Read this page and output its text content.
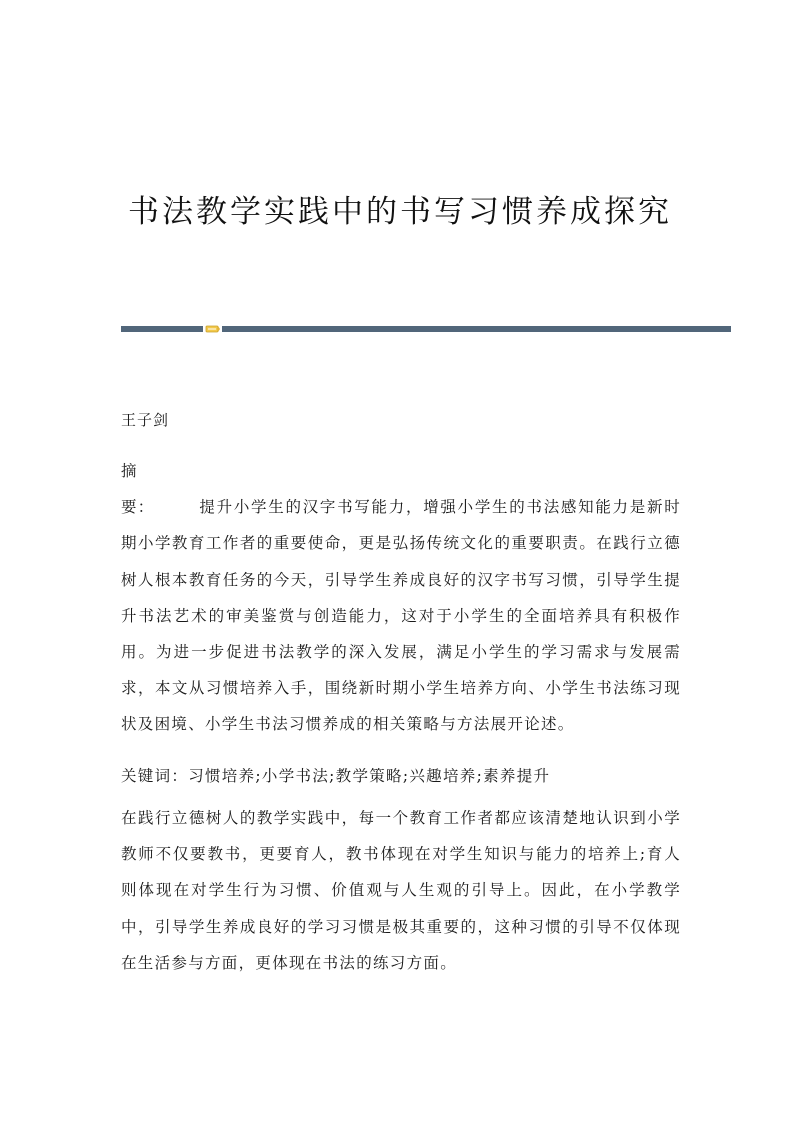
书法教学实践中的书写习惯养成探究

王子剑

摘要：	提升小学生的汉字书写能力，增强小学生的书法感知能力是新时期小学教育工作者的重要使命，更是弘扬传统文化的重要职责。在践行立德树人根本教育任务的今天，引导学生养成良好的汉字书写习惯，引导学生提升书法艺术的审美鉴赏与创造能力，这对于小学生的全面培养具有积极作用。为进一步促进书法教学的深入发展，满足小学生的学习需求与发展需求，本文从习惯培养入手，围绕新时期小学生培养方向、小学生书法练习现状及困境、小学生书法习惯养成的相关策略与方法展开论述。

关键词：习惯培养;小学书法;教学策略;兴趣培养;素养提升

在践行立德树人的教学实践中，每一个教育工作者都应该清楚地认识到小学教师不仅要教书，更要育人，教书体现在对学生知识与能力的培养上;育人则体现在对学生行为习惯、价值观与人生观的引导上。因此，在小学教学中，引导学生养成良好的学习习惯是极其重要的，这种习惯的引导不仅体现在生活参与方面，更体现在书法的练习方面。
